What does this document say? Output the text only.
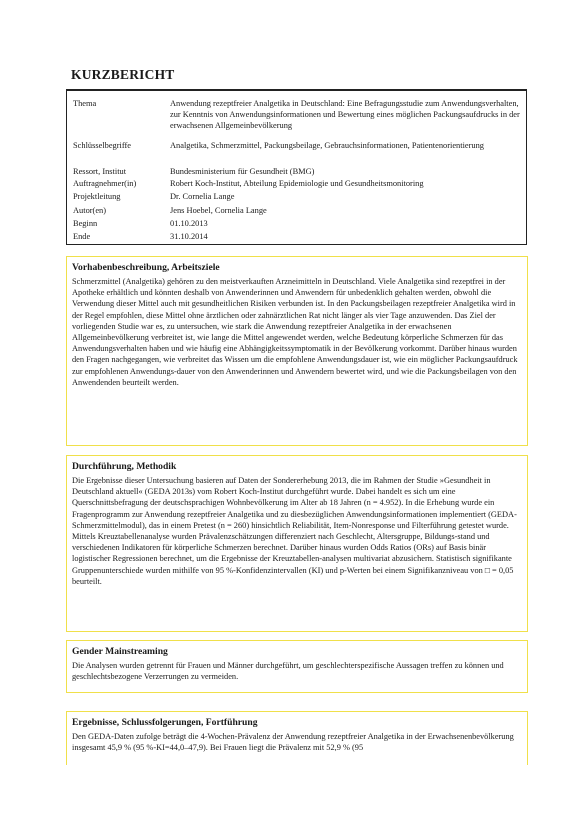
KURZBERICHT
Thema	Anwendung rezeptfreier Analgetika in Deutschland: Eine Befragungsstudie zum Anwendungsverhalten, zur Kenntnis von Anwendungsinformationen und Bewertung eines möglichen Packungsaufdrucks in der erwachsenen Allgemeinbevölkerung
Schlüsselbegriffe	Analgetika, Schmerzmittel, Packungsbeilage, Gebrauchsinformationen, Patientenorientierung
Ressort, Institut	Bundesministerium für Gesundheit (BMG)
Auftragnehmer(in)	Robert Koch-Institut, Abteilung Epidemiologie und Gesundheitsmonitoring
Projektleitung	Dr. Cornelia Lange
Autor(en)	Jens Hoebel, Cornelia Lange
Beginn	01.10.2013
Ende	31.10.2014
Vorhabenbeschreibung, Arbeitsziele

Schmerzmittel (Analgetika) gehören zu den meistverkauften Arzneimitteln in Deutschland. Viele Analgetika sind rezeptfrei in der Apotheke erhältlich und könnten deshalb von Anwenderinnen und Anwendern für unbedenklich gehalten werden, obwohl die Verwendung dieser Mittel auch mit gesundheitlichen Risiken verbunden ist. In den Packungsbeilagen rezeptfreier Analgetika wird in der Regel empfohlen, diese Mittel ohne ärztlichen oder zahnärztlichen Rat nicht länger als vier Tage anzuwenden. Das Ziel der vorliegenden Studie war es, zu untersuchen, wie stark die Anwendung rezeptfreier Analgetika in der erwachsenen Allgemeinbevölkerung verbreitet ist, wie lange die Mittel angewendet werden, welche Bedeutung körperliche Schmerzen für das Anwendungsverhalten haben und wie häufig eine Abhängigkeitssymptomatik in der Bevölkerung vorkommt. Darüber hinaus wurden den Fragen nachgegangen, wie verbreitet das Wissen um die empfohlene Anwendungsdauer ist, wie ein möglicher Packungsaufdruck zur empfohlenen Anwendungs-dauer von den Anwenderinnen und Anwendern bewertet wird, und wie die Packungsbeilagen von den Anwendenden beurteilt werden.

Durchführung, Methodik

Die Ergebnisse dieser Untersuchung basieren auf Daten der Sondererhebung 2013, die im Rahmen der Studie »Gesundheit in Deutschland aktuell« (GEDA 2013s) vom Robert Koch-Institut durchgeführt wurde. Dabei handelt es sich um eine Querschnittsbefragung der deutschsprachigen Wohnbevölkerung im Alter ab 18 Jahren (n = 4.952). In die Erhebung wurde ein Fragenprogramm zur Anwendung rezeptfreier Analgetika und zu diesbezüglichen Anwendungsinformationen implementiert (GEDA-Schmerzmittelmodul), das in einem Pretest (n = 260) hinsichtlich Reliabilität, Item-Nonresponse und Filterführung getestet wurde. Mittels Kreuztabellenanalyse wurden Prävalenzschätzungen differenziert nach Geschlecht, Altersgruppe, Bildungs-stand und verschiedenen Indikatoren für körperliche Schmerzen berechnet. Darüber hinaus wurden Odds Ratios (ORs) auf Basis binär logistischer Regressionen berechnet, um die Ergebnisse der Kreuztabellen-analysen multivariat abzusichern. Statistisch signifikante Gruppenunterschiede wurden mithilfe von 95 %-Konfidenzintervallen (KI) und p-Werten bei einem Signifikanzniveau von □ = 0,05 beurteilt.

Gender Mainstreaming

Die Analysen wurden getrennt für Frauen und Männer durchgeführt, um geschlechterspezifische Aussagen treffen zu können und geschlechtsbezogene Verzerrungen zu vermeiden.

Ergebnisse, Schlussfolgerungen, Fortführung

Den GEDA-Daten zufolge beträgt die 4-Wochen-Prävalenz der Anwendung rezeptfreier Analgetika in der Erwachsenenbevölkerung insgesamt 45,9 % (95 %-KI=44,0–47,9). Bei Frauen liegt die Prävalenz mit 52,9 % (95
